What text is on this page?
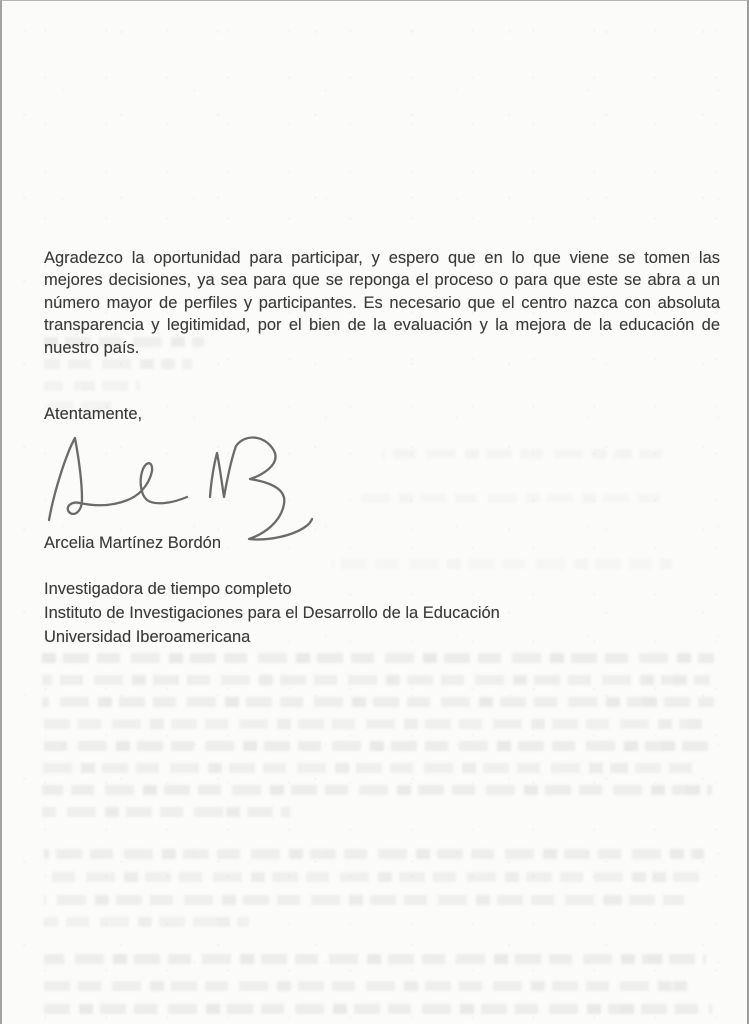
Agradezco la oportunidad para participar, y espero que en lo que viene se tomen las mejores decisiones, ya sea para que se reponga el proceso o para que este se abra a un número mayor de perfiles y participantes. Es necesario que el centro nazca con absoluta transparencia y legitimidad, por el bien de la evaluación y la mejora de la educación de nuestro país.

Atentamente,
Arcelia Martínez Bordón
Investigadora de tiempo completo
Instituto de Investigaciones para el Desarrollo de la Educación
Universidad Iberoamericana
